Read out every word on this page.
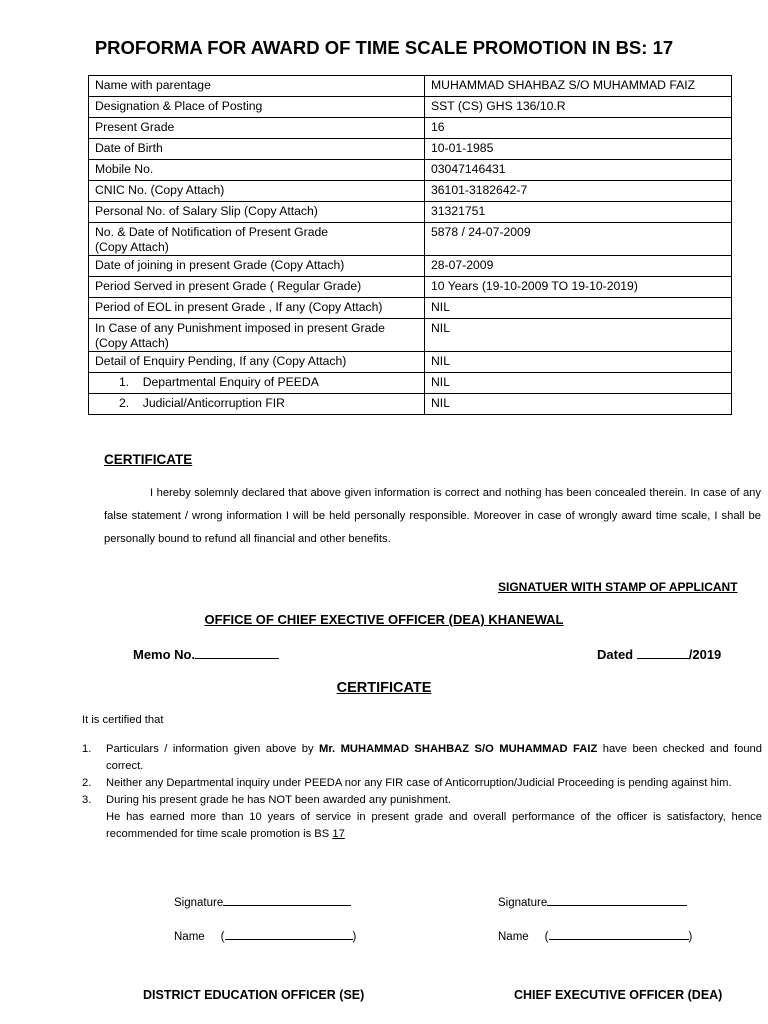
PROFORMA FOR AWARD OF TIME SCALE PROMOTION IN BS: 17
Name with parentage	MUHAMMAD SHAHBAZ S/O MUHAMMAD FAIZ
Designation & Place of Posting	SST (CS) GHS 136/10.R
Present Grade	16
Date of Birth	10-01-1985
Mobile No.	03047146431
CNIC No. (Copy Attach)	36101-3182642-7
Personal No. of Salary Slip (Copy Attach)	31321751
No. & Date of Notification of Present Grade
(Copy Attach)	5878 / 24-07-2009
Date of joining in present Grade (Copy Attach)	28-07-2009
Period Served in present Grade ( Regular Grade)	10 Years (19-10-2009 TO 19-10-2019)
Period of EOL in present Grade , If any (Copy Attach)	NIL
In Case of any Punishment imposed in present Grade
(Copy Attach)	NIL
Detail of Enquiry Pending, If any (Copy Attach)	NIL
1. Departmental Enquiry of PEEDA	NIL
2. Judicial/Anticorruption FIR	NIL
CERTIFICATE
I hereby solemnly declared that above given information is correct and nothing has been concealed therein. In case of any false statement / wrong information I will be held personally responsible. Moreover in case of wrongly award time scale, I shall be personally bound to refund all financial and other benefits.
SIGNATUER WITH STAMP OF APPLICANT
OFFICE OF CHIEF EXECTIVE OFFICER (DEA) KHANEWAL
Memo No.	Dated	/2019
CERTIFICATE
It is certified that
1. Particulars / information given above by Mr. MUHAMMAD SHAHBAZ S/O MUHAMMAD FAIZ have been checked and found correct.
2. Neither any Departmental inquiry under PEEDA nor any FIR case of Anticorruption/Judicial Proceeding is pending against him.
3. During his present grade he has NOT been awarded any punishment.
He has earned more than 10 years of service in present grade and overall performance of the officer is satisfactory, hence recommended for time scale promotion is BS 17
Signature	Signature
Name     (	)	Name     (	)
DISTRICT EDUCATION OFFICER (SE)	CHIEF EXECUTIVE OFFICER (DEA)
